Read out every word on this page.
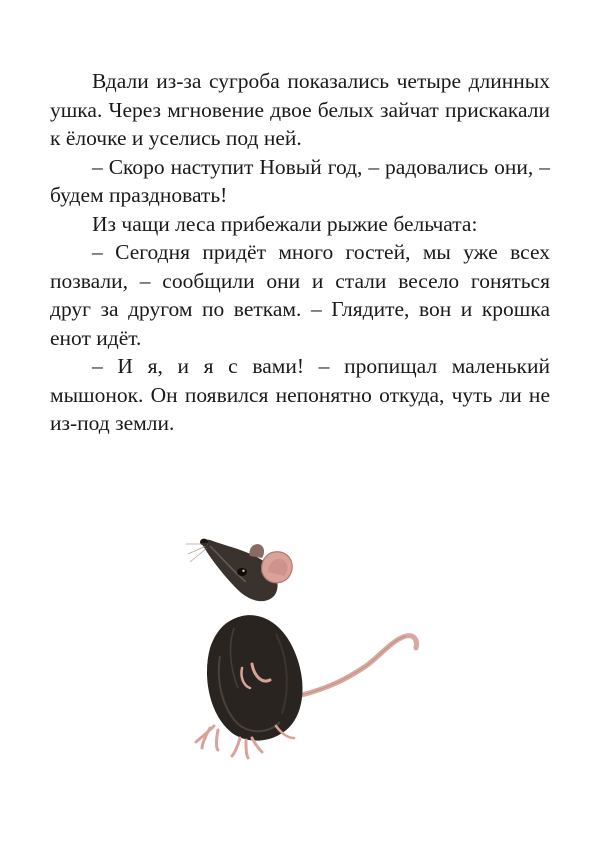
Вдали из-за сугроба показались четыре длинных ушка. Через мгновение двое белых зайчат прискакали к ёлочке и уселись под ней.

– Скоро наступит Новый год, – радовались они, – будем праздновать!

Из чащи леса прибежали рыжие бельчата:

– Сегодня придёт много гостей, мы уже всех позвали, – сообщили они и стали весело гоняться друг за другом по веткам. – Глядите, вон и крошка енот идёт.

– И я, и я с вами! – пропищал маленький мышонок. Он появился непонятно откуда, чуть ли не из-под земли.
